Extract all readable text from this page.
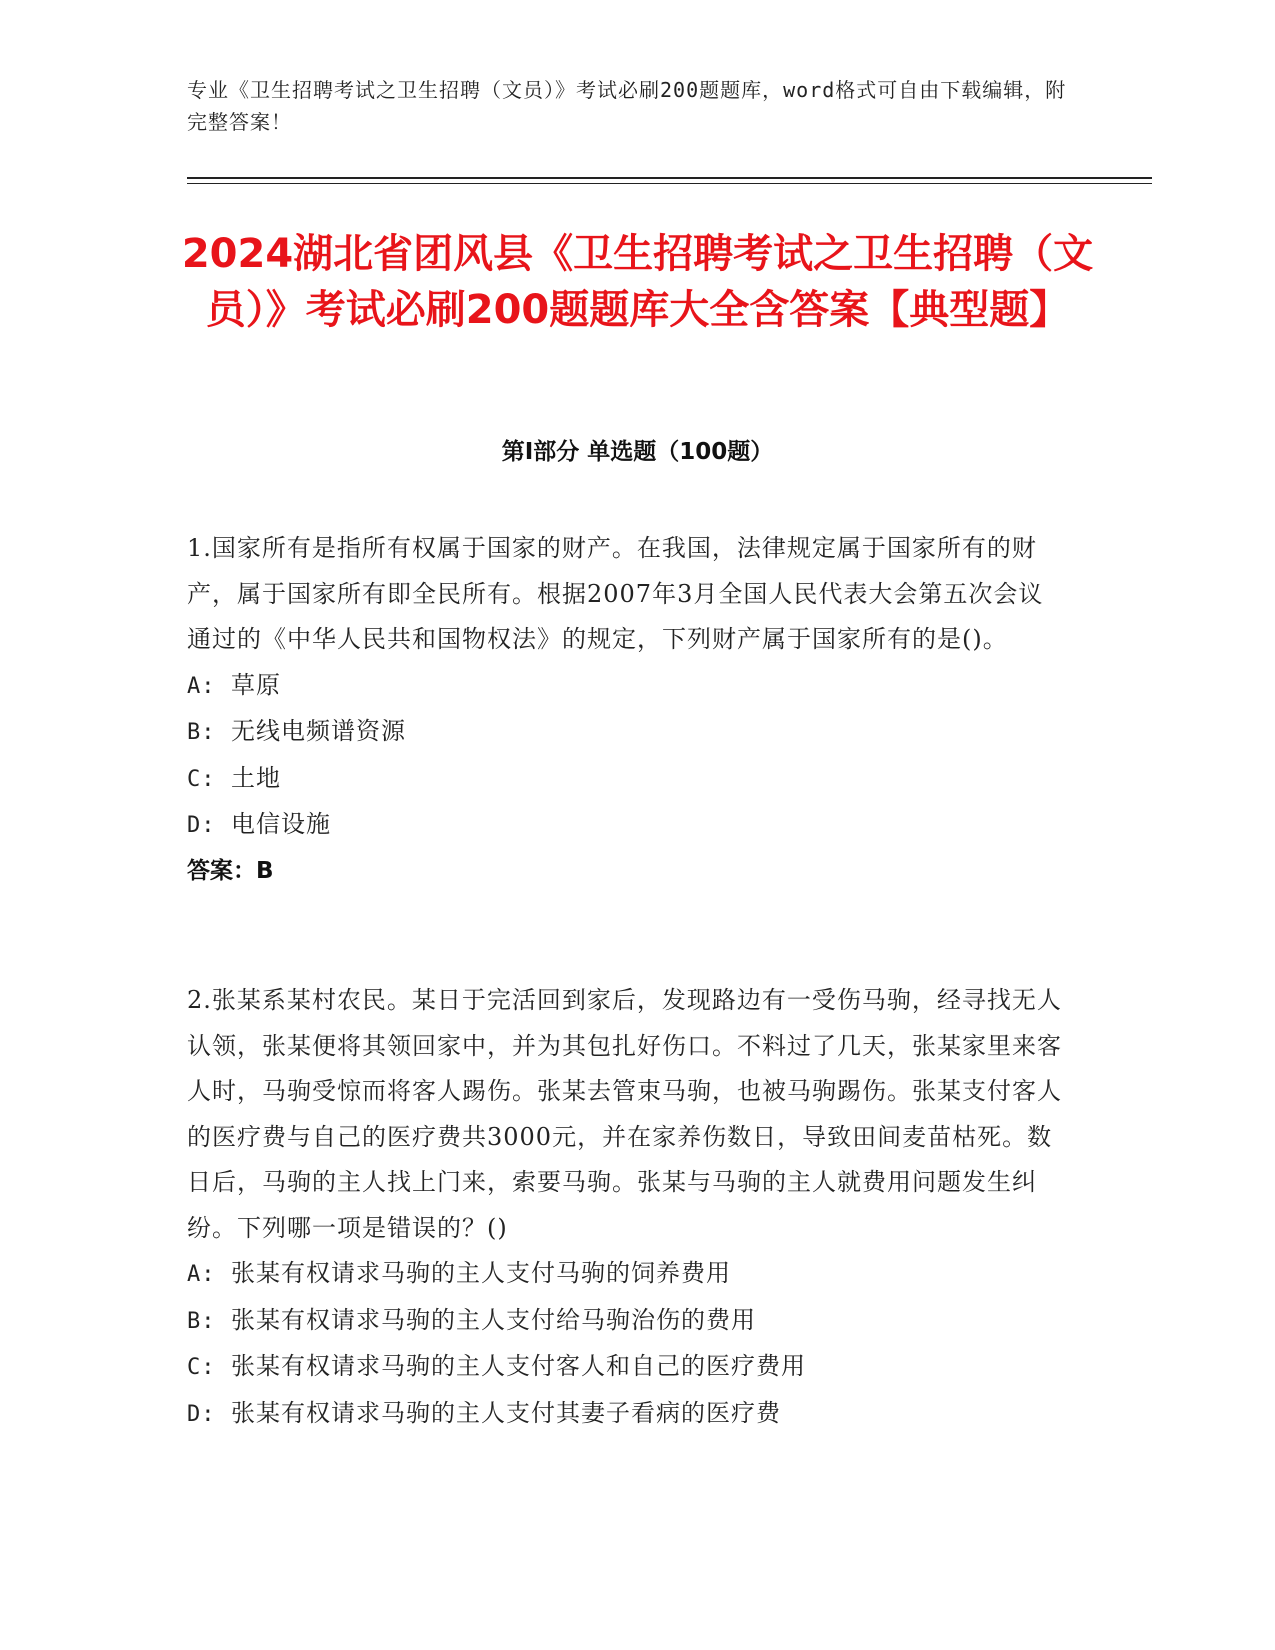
专业《卫生招聘考试之卫生招聘（文员）》考试必刷200题题库，word格式可自由下载编辑，附完整答案！
2024湖北省团风县《卫生招聘考试之卫生招聘（文员）》考试必刷200题题库大全含答案【典型题】
第Ⅰ部分 单选题（100题）
1.国家所有是指所有权属于国家的财产。在我国，法律规定属于国家所有的财产，属于国家所有即全民所有。根据2007年3月全国人民代表大会第五次会议通过的《中华人民共和国物权法》的规定，下列财产属于国家所有的是()。
A: 草原
B: 无线电频谱资源
C: 土地
D: 电信设施
答案：B
2.张某系某村农民。某日于完活回到家后，发现路边有一受伤马驹，经寻找无人认领，张某便将其领回家中，并为其包扎好伤口。不料过了几天，张某家里来客人时，马驹受惊而将客人踢伤。张某去管束马驹，也被马驹踢伤。张某支付客人的医疗费与自己的医疗费共3000元，并在家养伤数日，导致田间麦苗枯死。数日后，马驹的主人找上门来，索要马驹。张某与马驹的主人就费用问题发生纠纷。下列哪一项是错误的？()
A: 张某有权请求马驹的主人支付马驹的饲养费用
B: 张某有权请求马驹的主人支付给马驹治伤的费用
C: 张某有权请求马驹的主人支付客人和自己的医疗费用
D: 张某有权请求马驹的主人支付其妻子看病的医疗费
